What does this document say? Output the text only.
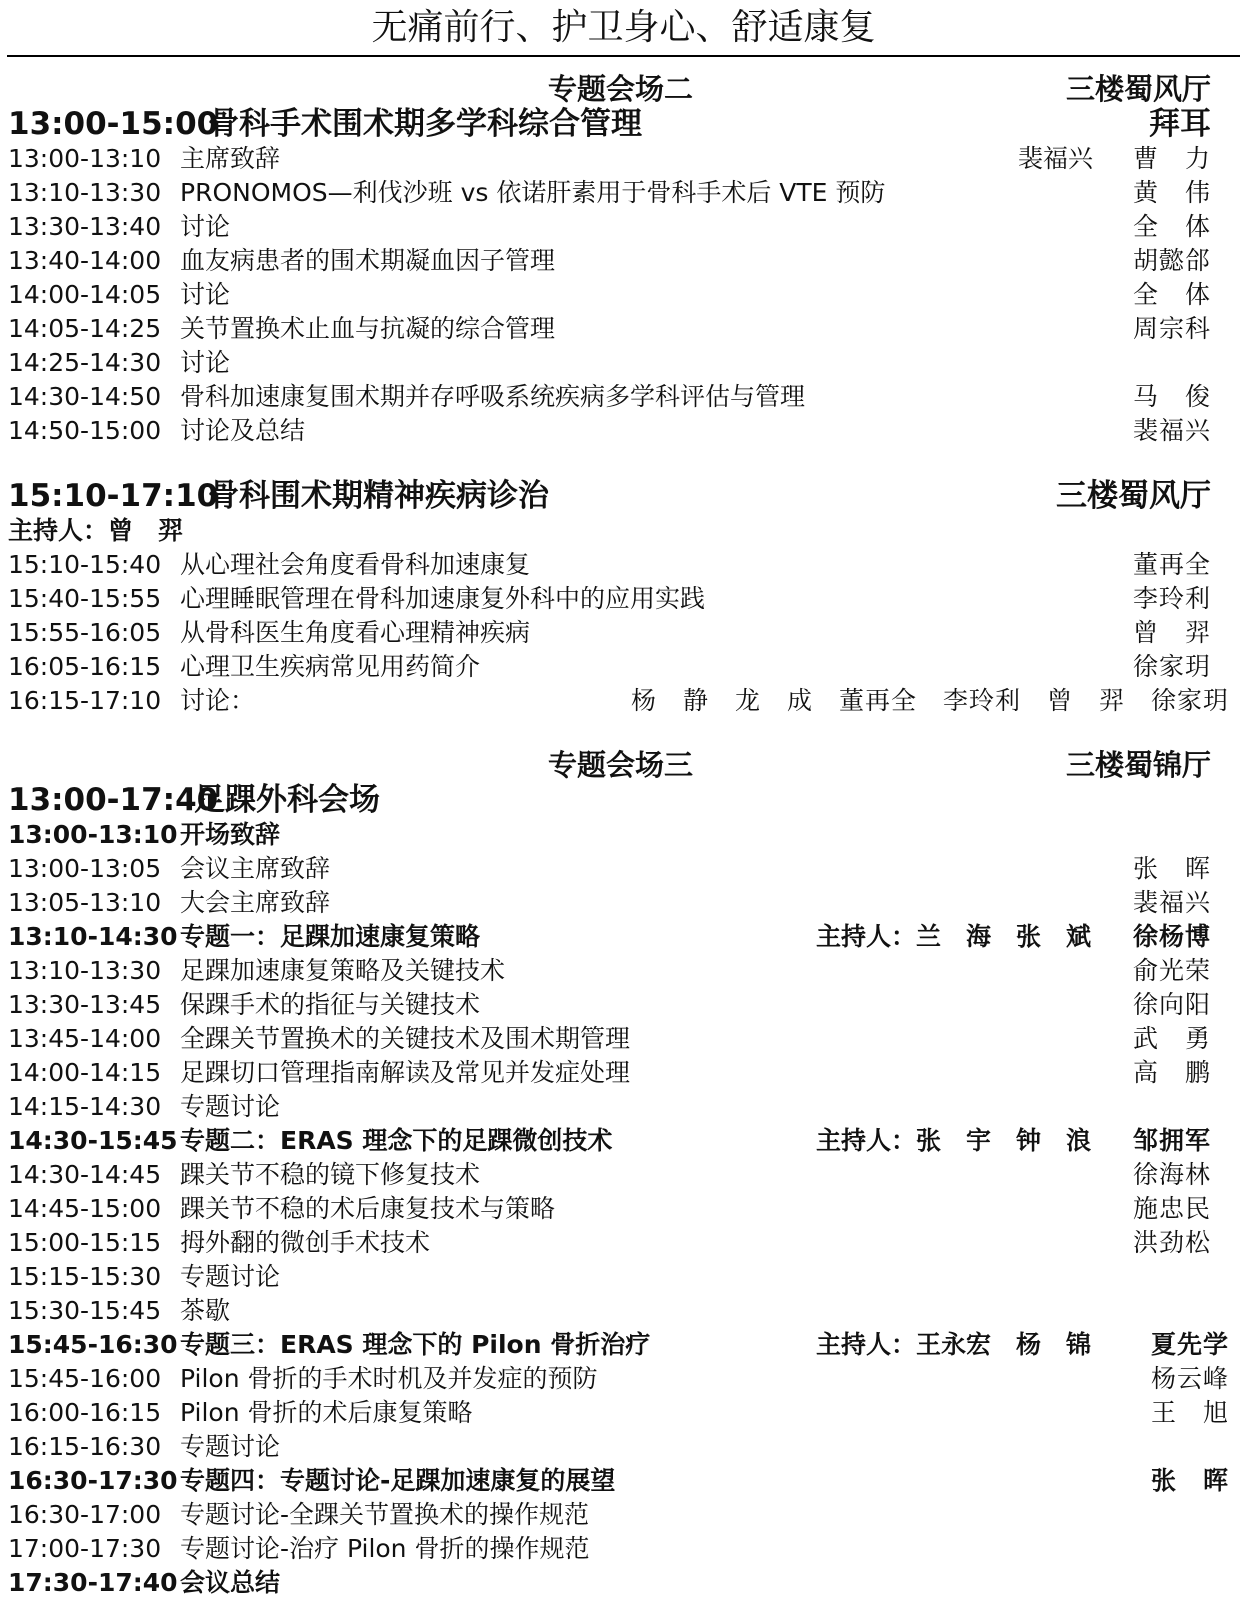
无痛前行、护卫身心、舒适康复
专题会场二	三楼蜀风厅
13:00-15:00
骨科手术围术期多学科综合管理	拜耳
13:00-13:10 主席致辞	裴福兴 曹　力
13:10-13:30 PRONOMOS—利伐沙班 vs 依诺肝素用于骨科手术后 VTE 预防	黄　伟
13:30-13:40 讨论	全　体
13:40-14:00 血友病患者的围术期凝血因子管理	胡懿郃
14:00-14:05 讨论	全　体
14:05-14:25 关节置换术止血与抗凝的综合管理	周宗科
14:25-14:30 讨论
14:30-14:50 骨科加速康复围术期并存呼吸系统疾病多学科评估与管理	马　俊
14:50-15:00 讨论及总结	裴福兴
15:10-17:10
骨科围术期精神疾病诊治	三楼蜀风厅
主持人：曾　羿
15:10-15:40 从心理社会角度看骨科加速康复	董再全
15:40-15:55 心理睡眠管理在骨科加速康复外科中的应用实践	李玲利
15:55-16:05 从骨科医生角度看心理精神疾病	曾　羿
16:05-16:15 心理卫生疾病常见用药简介	徐家玥
16:15-17:10 讨论：	杨　静　龙　成　董再全　李玲利　曾　羿　徐家玥
专题会场三	三楼蜀锦厅
13:00-17:40
足踝外科会场
13:00-13:10 开场致辞
13:00-13:05 会议主席致辞	张　晖
13:05-13:10 大会主席致辞	裴福兴
13:10-14:30 专题一：足踝加速康复策略	主持人：兰　海　张　斌 徐杨博
13:10-13:30 足踝加速康复策略及关键技术	俞光荣
13:30-13:45 保踝手术的指征与关键技术	徐向阳
13:45-14:00 全踝关节置换术的关键技术及围术期管理	武　勇
14:00-14:15 足踝切口管理指南解读及常见并发症处理	高　鹏
14:15-14:30 专题讨论
14:30-15:45 专题二：ERAS 理念下的足踝微创技术	主持人：张　宇　钟　浪 邹拥军
14:30-14:45 踝关节不稳的镜下修复技术	徐海林
14:45-15:00 踝关节不稳的术后康复技术与策略	施忠民
15:00-15:15 拇外翻的微创手术技术	洪劲松
15:15-15:30 专题讨论
15:30-15:45 茶歇
15:45-16:30 专题三：ERAS 理念下的 Pilon 骨折治疗	主持人：王永宏　杨　锦 夏先学
15:45-16:00 Pilon 骨折的手术时机及并发症的预防	杨云峰
16:00-16:15 Pilon 骨折的术后康复策略	王　旭
16:15-16:30 专题讨论
16:30-17:30 专题四：专题讨论-足踝加速康复的展望	张　晖
16:30-17:00 专题讨论-全踝关节置换术的操作规范
17:00-17:30 专题讨论-治疗 Pilon 骨折的操作规范
17:30-17:40 会议总结
